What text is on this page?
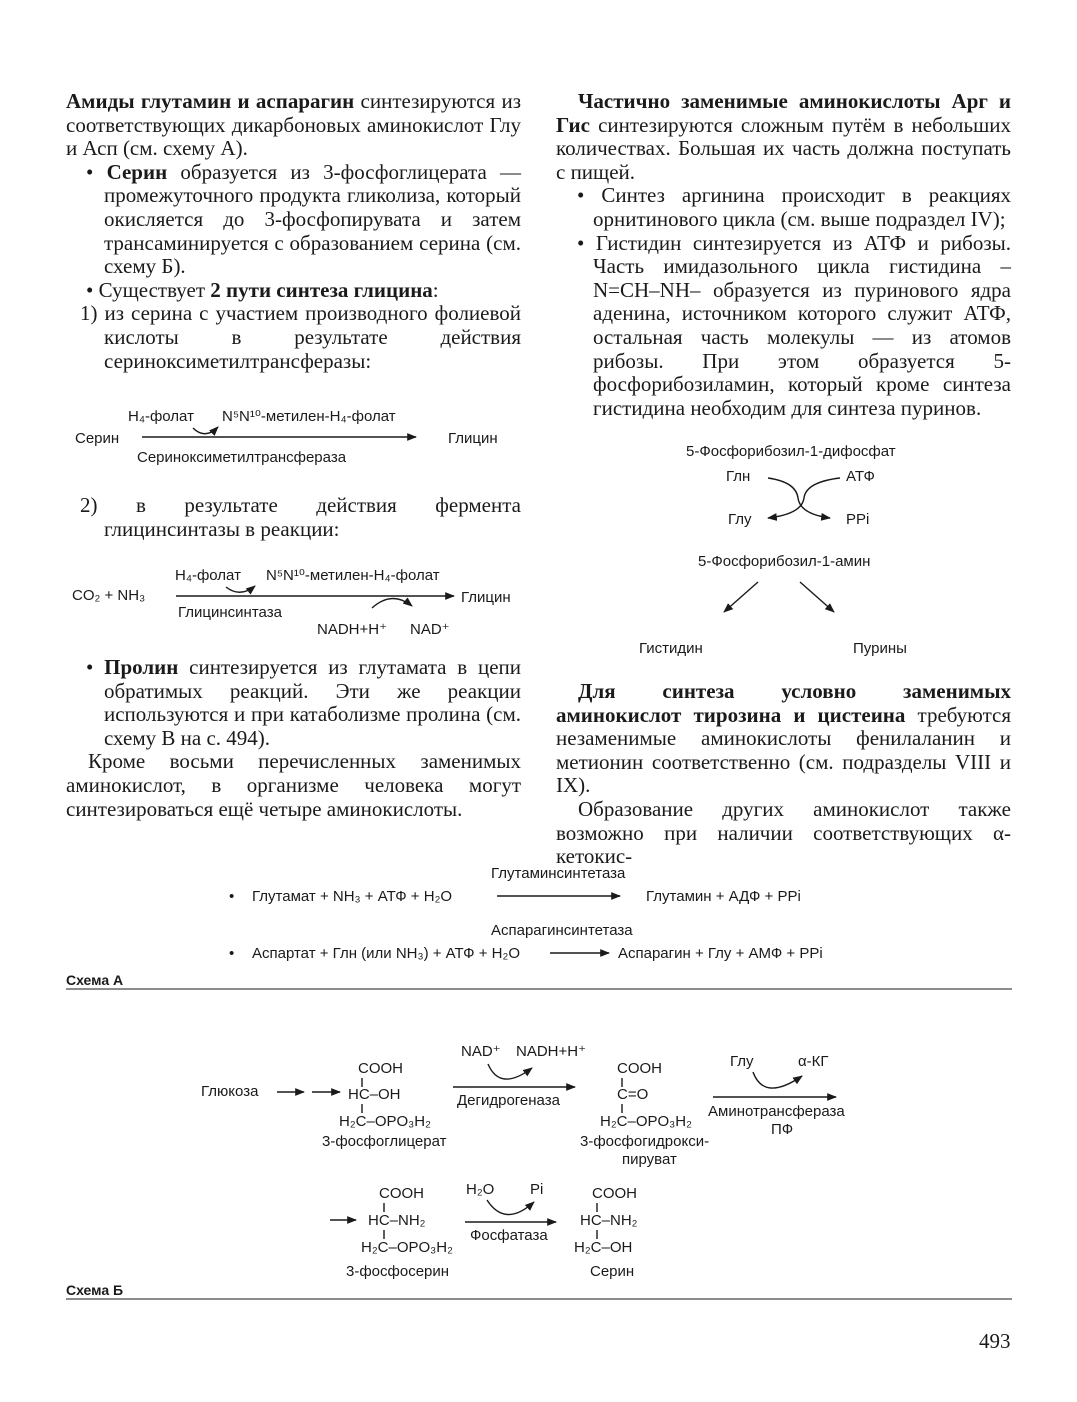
Амиды глутамин и аспарагин синтезируются из соответствующих дикарбоновых аминокислот Глу и Асп (см. схему А).

• Серин образуется из 3-фосфоглицерата — промежуточного продукта гликолиза, который окисляется до 3-фосфопирувата и затем трансаминируется с образованием серина (см. схему Б).

• Существует 2 пути синтеза глицина:

1) из серина с участием производного фолиевой кислоты в результате действия сериноксиметилтрансферазы:

2) в результате действия фермента глицинсинтазы в реакции:

• Пролин синтезируется из глутамата в цепи обратимых реакций. Эти же реакции используются и при катаболизме пролина (см. схему В на с. 494).

Кроме восьми перечисленных заменимых аминокислот, в организме человека могут синтезироваться ещё четыре аминокислоты.

Частично заменимые аминокислоты Арг и Гис синтезируются сложным путём в небольших количествах. Большая их часть должна поступать с пищей.

• Синтез аргинина происходит в реакциях орнитинового цикла (см. выше подраздел IV);

• Гистидин синтезируется из АТФ и рибозы. Часть имидазольного цикла гистидина – N=CH–NH– образуется из пуринового ядра аденина, источником которого служит АТФ, остальная часть молекулы — из атомов рибозы. При этом образуется 5-фосфорибозиламин, который кроме синтеза гистидина необходим для синтеза пуринов.

Для синтеза условно заменимых аминокислот тирозина и цистеина требуются незаменимые аминокислоты фенилаланин и метионин соответственно (см. подразделы VIII и IX).

Образование других аминокислот также возможно при наличии соответствующих α-кетокис-

H₄-фолат N⁵N¹⁰-метилен-H₄-фолат
Серин	Глицин
Сериноксиметилтрансфераза
H₄-фолат N⁵N¹⁰-метилен-H₄-фолат
CO₂ + NH₃	Глицин
Глицинсинтаза
NADH+H⁺ NAD⁺
5-Фосфорибозил-1-дифосфат
Глн	АТФ
Глу	PPi
5-Фосфорибозил-1-амин
Гистидин	Пурины
Глутаминсинтетаза
• Глутамат + NH₃ + АТФ + H₂O	Глутамин + АДФ + PPi
Аспарагинсинтетаза
• Аспартат + Глн (или NH₃) + АТФ + H₂O	Аспарагин + Глу + АМФ + PPi
Схема А
Глюкоза
COOH
HC–OH
H₂C–OPO₃H₂
3-фосфоглицерат
NAD⁺ NADH+H⁺
Дегидрогеназа
COOH
C=O
H₂C–OPO₃H₂
3-фосфогидрокси-
пируват
Глу	α-КГ
Аминотрансфераза
ПФ
COOH
HC–NH₂
H₂C–OPO₃H₂
3-фосфосерин
H₂O Pi
Фосфатаза
COOH
HC–NH₂
H₂C–OH
Серин
Схема Б
493
